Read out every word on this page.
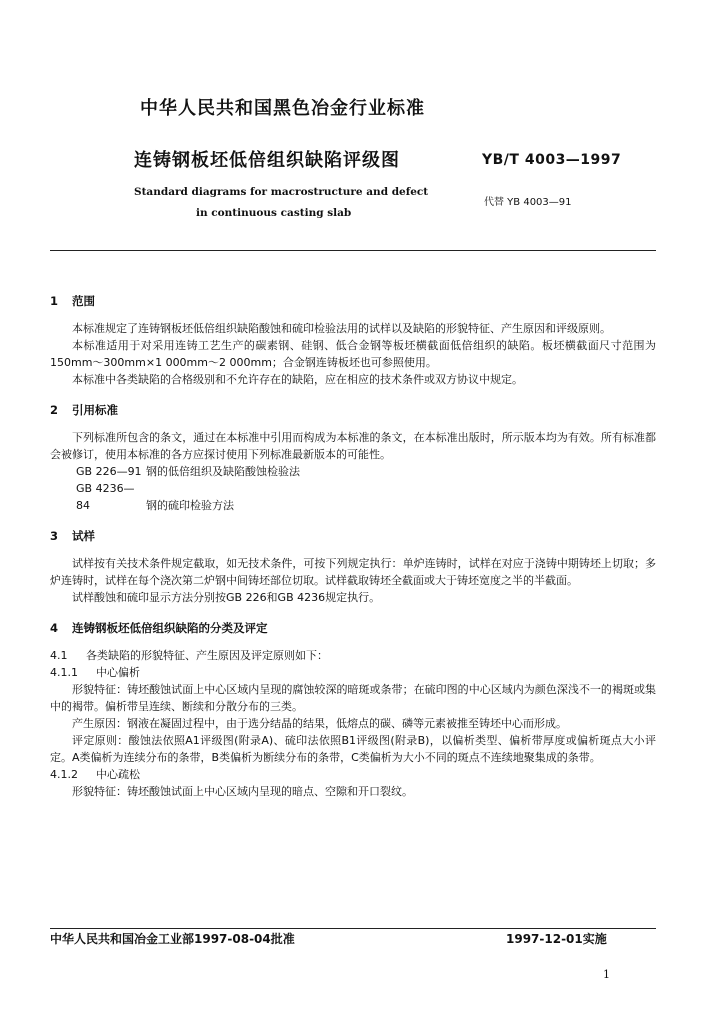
中华人民共和国黑色冶金行业标准
连铸钢板坯低倍组织缺陷评级图	YB/T 4003—1997
Standard diagrams for macrostructure and defect
in continuous casting slab
代替 YB 4003—91
1 范围

本标准规定了连铸钢板坯低倍组织缺陷酸蚀和硫印检验法用的试样以及缺陷的形貌特征、产生原因和评级原则。

本标准适用于对采用连铸工艺生产的碳素钢、硅钢、低合金钢等板坯横截面低倍组织的缺陷。板坯横截面尺寸范围为150mm～300mm×1 000mm～2 000mm；合金钢连铸板坯也可参照使用。

本标准中各类缺陷的合格级别和不允许存在的缺陷，应在相应的技术条件或双方协议中规定。

2 引用标准

下列标准所包含的条文，通过在本标准中引用而构成为本标准的条文，在本标准出版时，所示版本均为有效。所有标准都会被修订，使用本标准的各方应探讨使用下列标准最新版本的可能性。

GB 226—91 钢的低倍组织及缺陷酸蚀检验法

GB 4236—84	钢的硫印检验方法

3 试样

试样按有关技术条件规定截取，如无技术条件，可按下列规定执行：单炉连铸时，试样在对应于浇铸中期铸坯上切取；多炉连铸时，试样在每个浇次第二炉钢中间铸坯部位切取。试样截取铸坯全截面或大于铸坯宽度之半的半截面。

试样酸蚀和硫印显示方法分别按GB 226和GB 4236规定执行。

4 连铸钢板坯低倍组织缺陷的分类及评定
4.1 各类缺陷的形貌特征、产生原因及评定原则如下：
4.1.1 中心偏析

形貌特征：铸坯酸蚀试面上中心区域内呈现的腐蚀较深的暗斑或条带；在硫印图的中心区域内为颜色深浅不一的褐斑或集中的褐带。偏析带呈连续、断续和分散分布的三类。

产生原因：钢液在凝固过程中，由于选分结晶的结果，低熔点的碳、磷等元素被推至铸坯中心而形成。

评定原则：酸蚀法依照A1评级图(附录A)、硫印法依照B1评级图(附录B)，以偏析类型、偏析带厚度或偏析斑点大小评定。A类偏析为连续分布的条带，B类偏析为断续分布的条带，C类偏析为大小不同的斑点不连续地聚集成的条带。

4.1.2 中心疏松

形貌特征：铸坯酸蚀试面上中心区域内呈现的暗点、空隙和开口裂纹。

中华人民共和国冶金工业部1997-08-04批准	1997-12-01实施
1
